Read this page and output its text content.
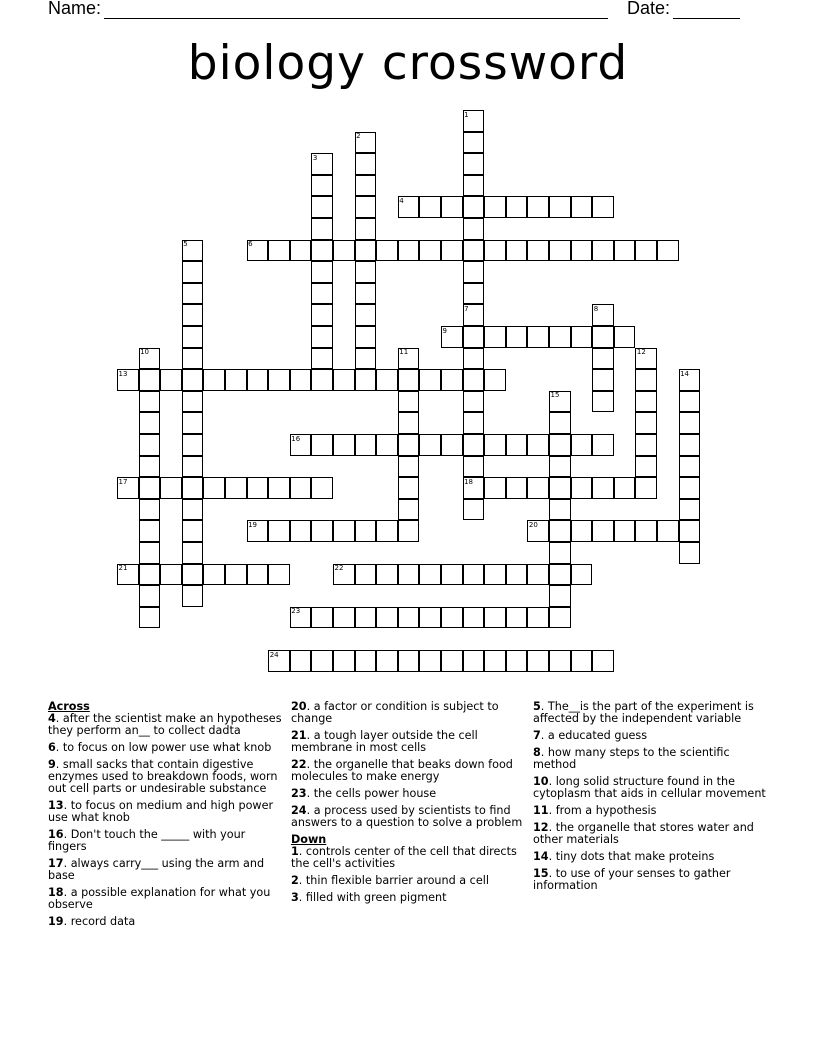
Name:	Date:
biology crossword
1
2
3
4
5	6
7	8
9
10	11	12
13	14
15
16
17	18
19	20
21	22
23
24
Across
4. after the scientist make an hypotheses they perform an__ to collect dadta
6. to focus on low power use what knob
9. small sacks that contain digestive enzymes used to breakdown foods, worn out cell parts or undesirable substance
13. to focus on medium and high power use what knob
16. Don't touch the _____ with your fingers
17. always carry___ using the arm and base
18. a possible explanation for what you observe
19. record data
20. a factor or condition is subject to change
21. a tough layer outside the cell membrane in most cells
22. the organelle that beaks down food molecules to make energy
23. the cells power house
24. a process used by scientists to find answers to a question to solve a problem
Down
1. controls center of the cell that directs the cell's activities
2. thin flexible barrier around a cell
3. filled with green pigment
5. The__is the part of the experiment is affected by the independent variable
7. a educated guess
8. how many steps to the scientific method
10. long solid structure found in the cytoplasm that aids in cellular movement
11. from a hypothesis
12. the organelle that stores water and other materials
14. tiny dots that make proteins
15. to use of your senses to gather information
